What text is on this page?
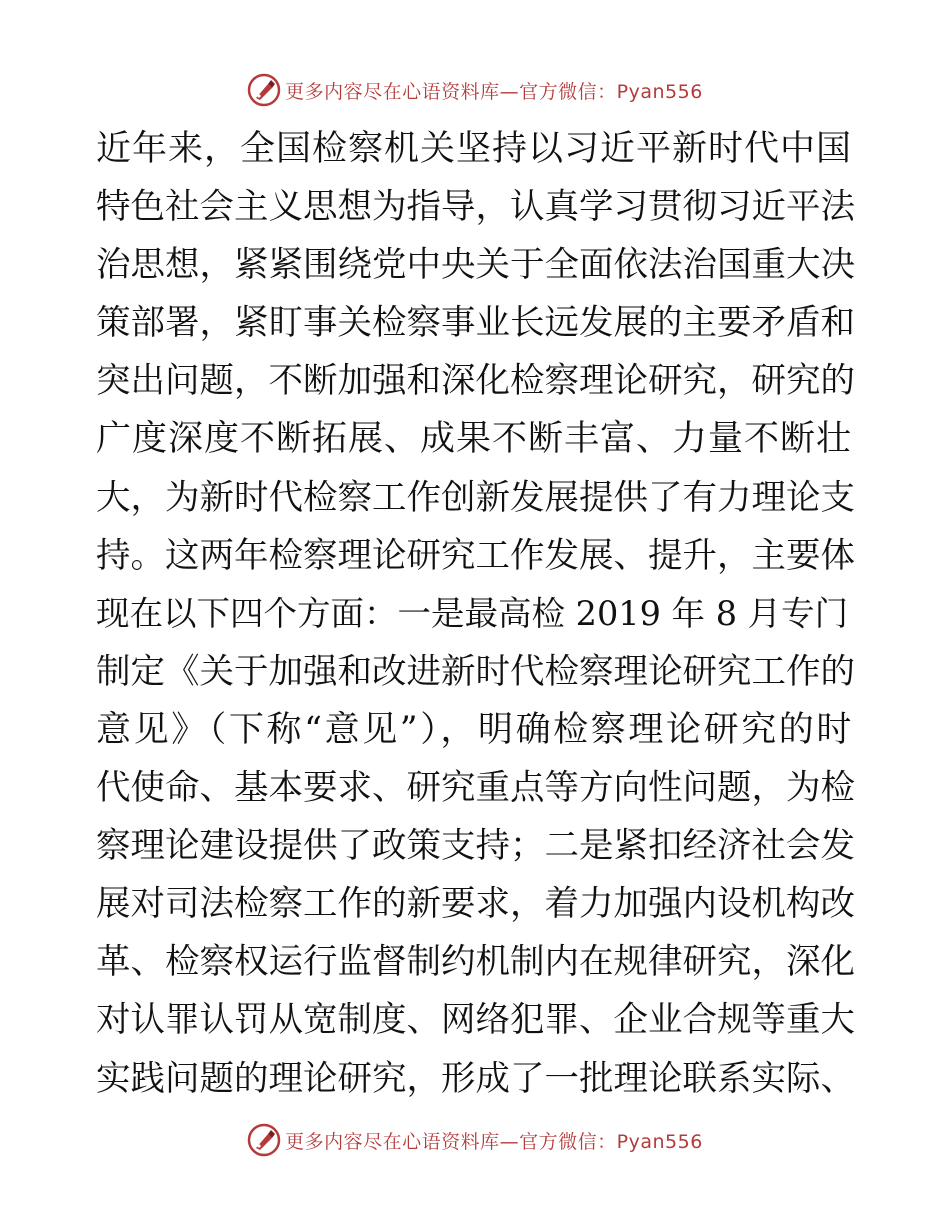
更多内容尽在心语资料库—官方微信：Pyan556
近年来，全国检察机关坚持以习近平新时代中国
特色社会主义思想为指导，认真学习贯彻习近平法
治思想，紧紧围绕党中央关于全面依法治国重大决
策部署，紧盯事关检察事业长远发展的主要矛盾和
突出问题，不断加强和深化检察理论研究，研究的
广度深度不断拓展、成果不断丰富、力量不断壮
大，为新时代检察工作创新发展提供了有力理论支
持。这两年检察理论研究工作发展、提升，主要体
现在以下四个方面：一是最高检 2019 年 8 月专门
制定《关于加强和改进新时代检察理论研究工作的
意见》（下称“意见”），明确检察理论研究的时
代使命、基本要求、研究重点等方向性问题，为检
察理论建设提供了政策支持；二是紧扣经济社会发
展对司法检察工作的新要求，着力加强内设机构改
革、检察权运行监督制约机制内在规律研究，深化
对认罪认罚从宽制度、网络犯罪、企业合规等重大
实践问题的理论研究，形成了一批理论联系实际、
更多内容尽在心语资料库—官方微信：Pyan556
